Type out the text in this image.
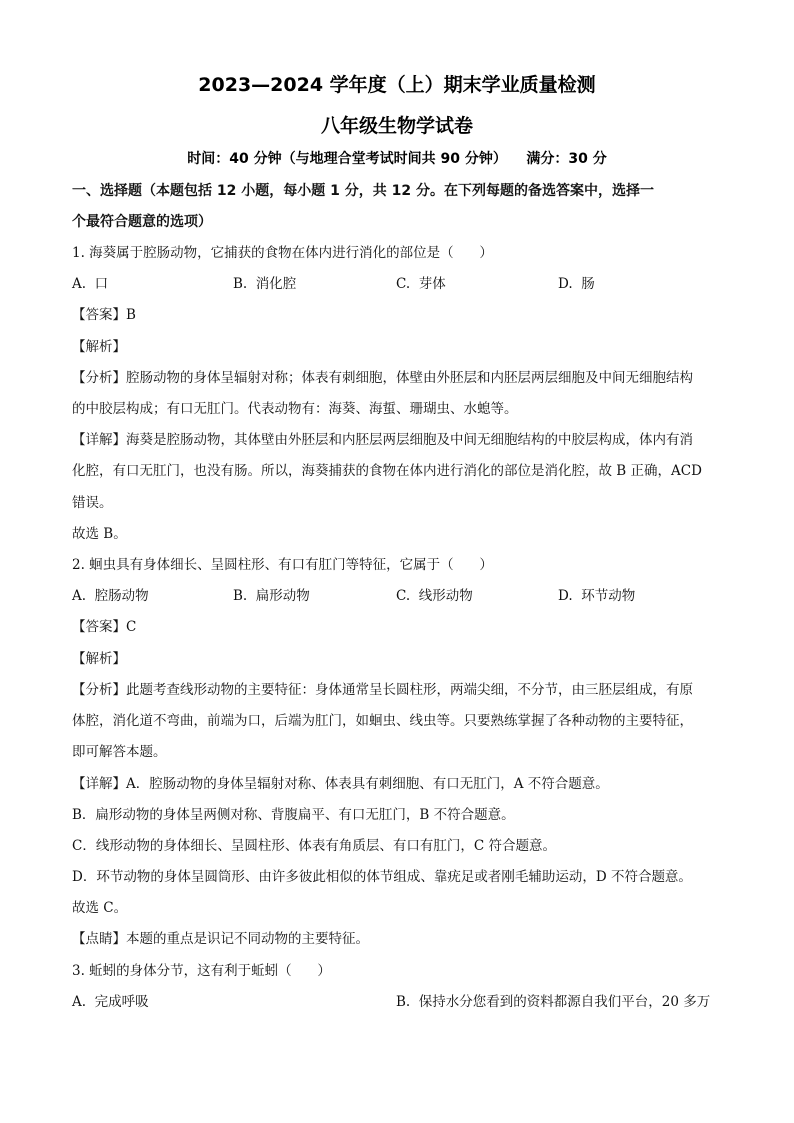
2023—2024 学年度（上）期末学业质量检测
八年级生物学试卷
时间：40 分钟（与地理合堂考试时间共 90 分钟）    满分：30 分
一、选择题（本题包括 12 小题，每小题 1 分，共 12 分。在下列每题的备选答案中，选择一
个最符合题意的选项）
1. 海葵属于腔肠动物，它捕获的食物在体内进行消化的部位是（      ）
A.  口	B.  消化腔	C.  芽体	D.  肠
【答案】B
【解析】
【分析】腔肠动物的身体呈辐射对称；体表有刺细胞，体壁由外胚层和内胚层两层细胞及中间无细胞结构
的中胶层构成；有口无肛门。代表动物有：海葵、海蜇、珊瑚虫、水螅等。
【详解】海葵是腔肠动物，其体壁由外胚层和内胚层两层细胞及中间无细胞结构的中胶层构成，体内有消
化腔，有口无肛门，也没有肠。所以，海葵捕获的食物在体内进行消化的部位是消化腔，故 B 正确，ACD
错误。
故选 B。
2. 蛔虫具有身体细长、呈圆柱形、有口有肛门等特征，它属于（      ）
A.  腔肠动物	B.  扁形动物	C.  线形动物	D.  环节动物
【答案】C
【解析】
【分析】此题考查线形动物的主要特征：身体通常呈长圆柱形，两端尖细，不分节，由三胚层组成，有原
体腔，消化道不弯曲，前端为口，后端为肛门，如蛔虫、线虫等。只要熟练掌握了各种动物的主要特征，
即可解答本题。
【详解】A．腔肠动物的身体呈辐射对称、体表具有刺细胞、有口无肛门，A 不符合题意。
B．扁形动物的身体呈两侧对称、背腹扁平、有口无肛门，B 不符合题意。
C．线形动物的身体细长、呈圆柱形、体表有角质层、有口有肛门，C 符合题意。
D．环节动物的身体呈圆筒形、由许多彼此相似的体节组成、靠疣足或者刚毛辅助运动，D 不符合题意。
故选 C。
【点睛】本题的重点是识记不同动物的主要特征。
3. 蚯蚓的身体分节，这有利于蚯蚓（      ）
A.  完成呼吸	B.  保持水分您看到的资料都源自我们平台，20 多万
